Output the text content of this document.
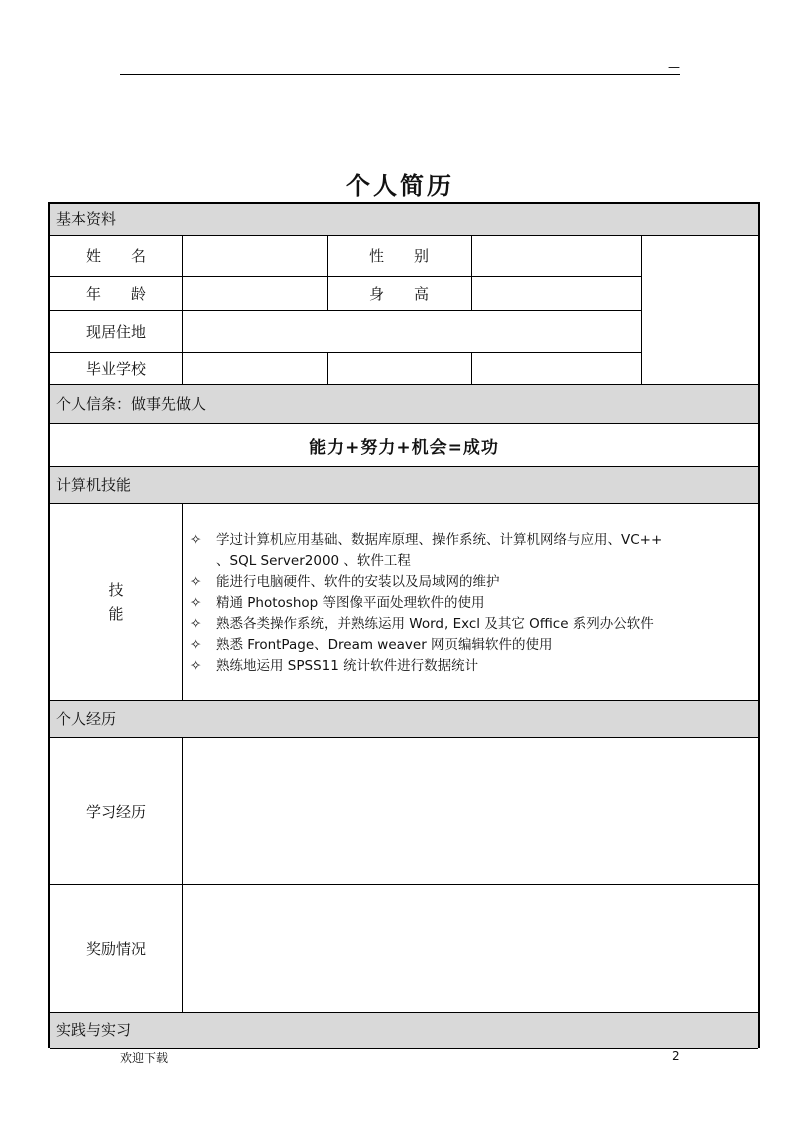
—
个人简历
基本资料
姓　　名	性　　别
年　　龄	身　　高
现居住地
毕业学校
个人信条：做事先做人
能力+努力+机会=成功
计算机技能
技
能
✧	学过计算机应用基础、数据库原理、操作系统、计算机网络与应用、VC++
、SQL Server2000 、软件工程
✧	能进行电脑硬件、软件的安装以及局域网的维护
✧	精通 Photoshop 等图像平面处理软件的使用
✧	熟悉各类操作系统，并熟练运用 Word, Excl 及其它 Office 系列办公软件
✧	熟悉 FrontPage、Dream weaver 网页编辑软件的使用
✧	熟练地运用 SPSS11 统计软件进行数据统计
个人经历
学习经历
奖励情况
实践与实习
欢迎下载	2
